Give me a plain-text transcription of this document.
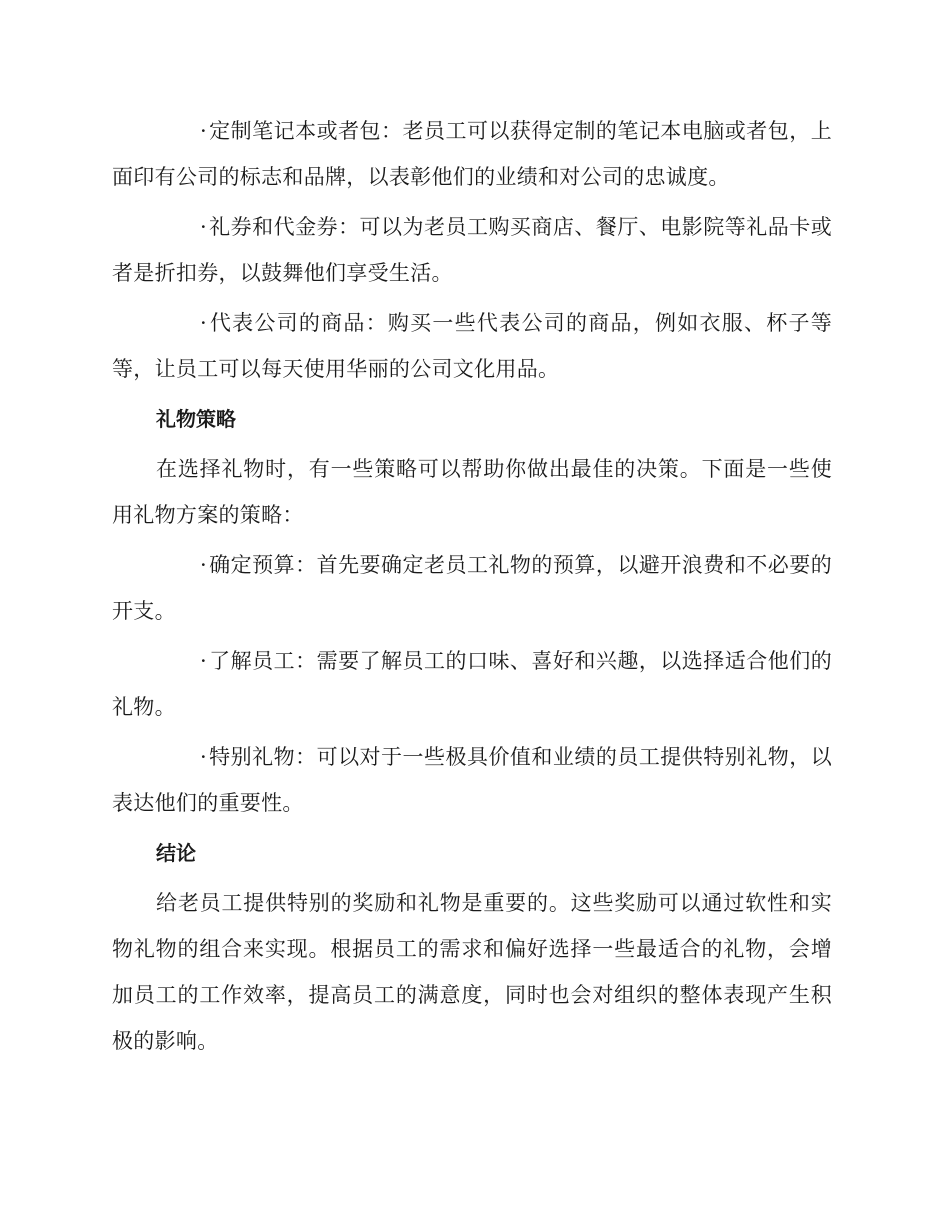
·定制笔记本或者包：老员工可以获得定制的笔记本电脑或者包，上面印有公司的标志和品牌，以表彰他们的业绩和对公司的忠诚度。

·礼券和代金券：可以为老员工购买商店、餐厅、电影院等礼品卡或者是折扣券，以鼓舞他们享受生活。

·代表公司的商品：购买一些代表公司的商品，例如衣服、杯子等等，让员工可以每天使用华丽的公司文化用品。

礼物策略

在选择礼物时，有一些策略可以帮助你做出最佳的决策。下面是一些使用礼物方案的策略：

·确定预算：首先要确定老员工礼物的预算，以避开浪费和不必要的开支。

·了解员工：需要了解员工的口味、喜好和兴趣，以选择适合他们的礼物。

·特别礼物：可以对于一些极具价值和业绩的员工提供特别礼物，以表达他们的重要性。

结论

给老员工提供特别的奖励和礼物是重要的。这些奖励可以通过软性和实物礼物的组合来实现。根据员工的需求和偏好选择一些最适合的礼物，会增加员工的工作效率，提高员工的满意度，同时也会对组织的整体表现产生积极的影响。
